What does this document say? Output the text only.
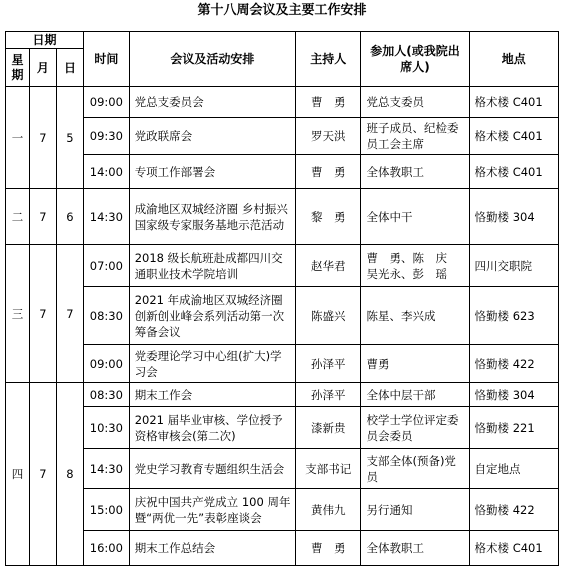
第十八周会议及主要工作安排
日期			时间	会议及活动安排	主持人	参加人(或我院出席人)	地点
星期	月	日					
一	7	5	09:00	党总支委员会	曹　勇	党总支委员	格术楼 C401
			09:30	党政联席会	罗天洪	班子成员、纪检委员工会主席	格术楼 C401
			14:00	专项工作部署会	曹　勇	全体教职工	格术楼 C401
二	7	6	14:30	成渝地区双城经济圈 乡村振兴国家级专家服务基地示范活动	黎　勇	全体中干	恪勤楼 304
三	7	7	07:00	2018 级长航班赴成都四川交通职业技术学院培训	赵华君	曹　勇、陈　庆　吴光永、彭　瑶	四川交职院
			08:30	2021 年成渝地区双城经济圈创新创业峰会系列活动第一次筹备会议	陈盛兴	陈星、李兴成	恪勤楼 623
			09:00	党委理论学习中心组(扩大)学习会	孙泽平	曹勇	恪勤楼 422
四	7	8	08:30	期末工作会	孙泽平	全体中层干部	恪勤楼 304
			10:30	2021 届毕业审核、学位授予资格审核会(第二次)	漆新贵	校学士学位评定委员会委员	恪勤楼 221
			14:30	党史学习教育专题组织生活会	支部书记	支部全体(预备)党员	自定地点
			15:00	庆祝中国共产党成立 100 周年暨“两优一先”表彰座谈会	黄伟九	另行通知	恪勤楼 422
			16:00	期末工作总结会	曹　勇	全体教职工	格术楼 C401
